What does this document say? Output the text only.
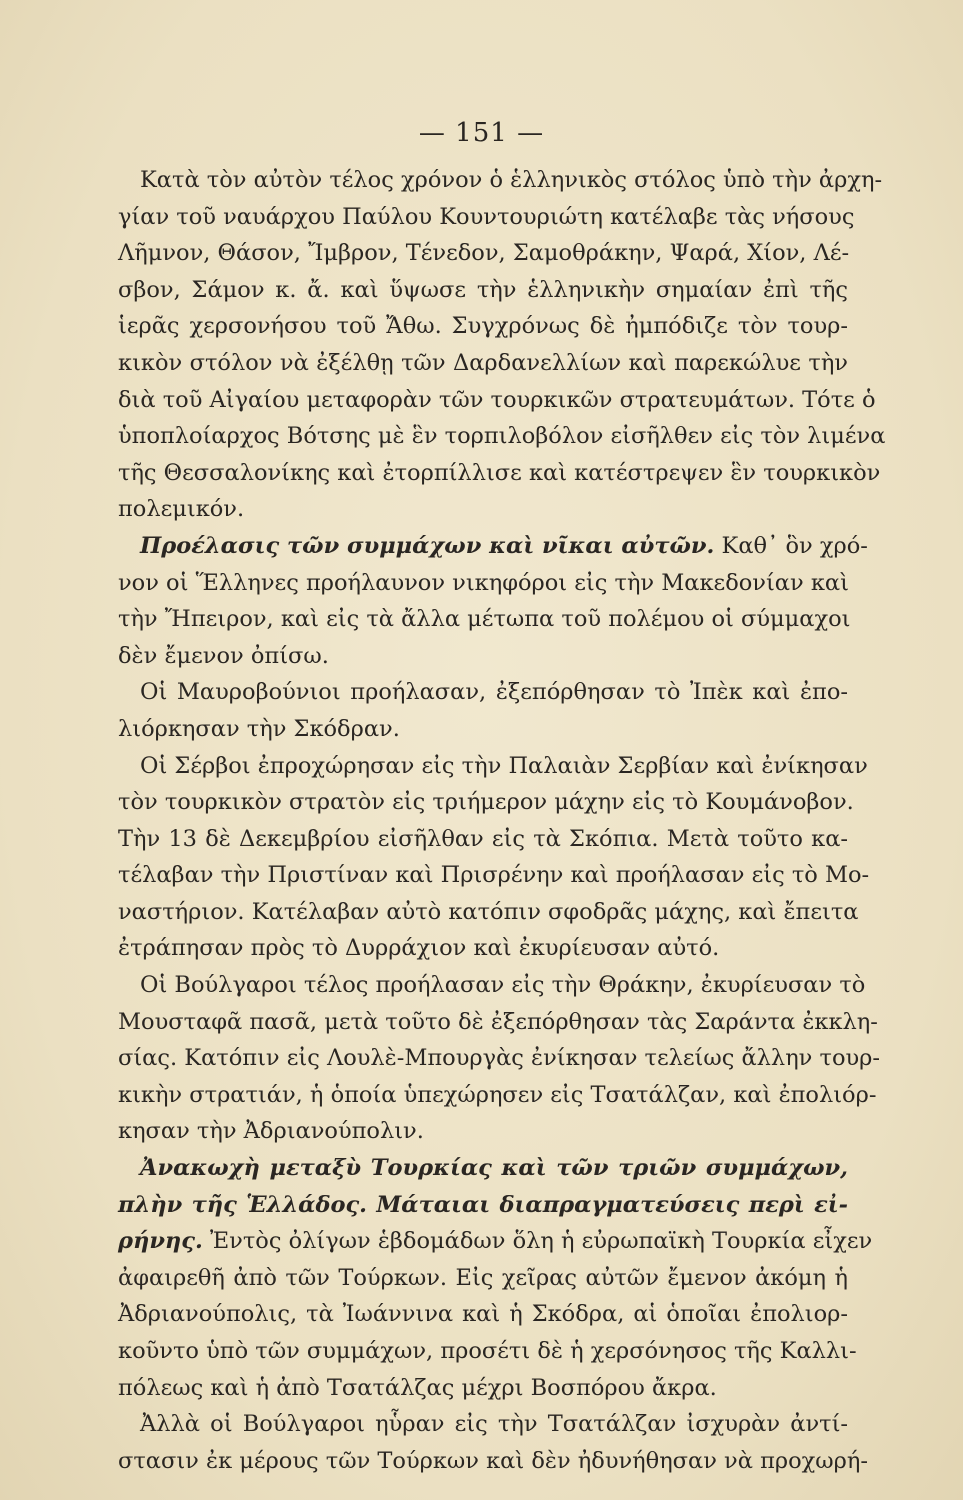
— 151 —
Κατὰ τὸν αὐτὸν τέλος χρόνον ὁ ἑλληνικὸς στόλος ὑπὸ τὴν ἀρχη-
γίαν τοῦ ναυάρχου Παύλου Κουντουριώτη κατέλαβε τὰς νήσους
Λῆμνον, Θάσον, Ἴμβρον, Τένεδον, Σαμοθράκην, Ψαρά, Χίον, Λέ-
σβον, Σάμον κ. ἄ. καὶ ὕψωσε τὴν ἑλληνικὴν σημαίαν ἐπὶ τῆς
ἱερᾶς χερσονήσου τοῦ Ἄθω. Συγχρόνως δὲ ἠμπόδιζε τὸν τουρ-
κικὸν στόλον νὰ ἐξέλθῃ τῶν Δαρδανελλίων καὶ παρεκώλυε τὴν
διὰ τοῦ Αἰγαίου μεταφορὰν τῶν τουρκικῶν στρατευμάτων. Τότε ὁ
ὑποπλοίαρχος Βότσης μὲ ἓν τορπιλοβόλον εἰσῆλθεν εἰς τὸν λιμένα
τῆς Θεσσαλονίκης καὶ ἐτορπίλλισε καὶ κατέστρεψεν ἓν τουρκικὸν
πολεμικόν.
Προέλασις τῶν συμμάχων καὶ νῖκαι αὐτῶν. Καθ᾽ ὃν χρό-
νον οἱ Ἕλληνες προήλαυνον νικηφόροι εἰς τὴν Μακεδονίαν καὶ
τὴν Ἤπειρον, καὶ εἰς τὰ ἄλλα μέτωπα τοῦ πολέμου οἱ σύμμαχοι
δὲν ἔμενον ὀπίσω.
Οἱ Μαυροβούνιοι προήλασαν, ἐξεπόρθησαν τὸ Ἰπὲκ καὶ ἐπο-
λιόρκησαν τὴν Σκόδραν.
Οἱ Σέρβοι ἐπροχώρησαν εἰς τὴν Παλαιὰν Σερβίαν καὶ ἐνίκησαν
τὸν τουρκικὸν στρατὸν εἰς τριήμερον μάχην εἰς τὸ Κουμάνοβον.
Τὴν 13 δὲ Δεκεμβρίου εἰσῆλθαν εἰς τὰ Σκόπια. Μετὰ τοῦτο κα-
τέλαβαν τὴν Πριστίναν καὶ Πρισρένην καὶ προήλασαν εἰς τὸ Μο-
ναστήριον. Κατέλαβαν αὐτὸ κατόπιν σφοδρᾶς μάχης, καὶ ἔπειτα
ἐτράπησαν πρὸς τὸ Δυρράχιον καὶ ἐκυρίευσαν αὐτό.
Οἱ Βούλγαροι τέλος προήλασαν εἰς τὴν Θράκην, ἐκυρίευσαν τὸ
Μουσταφᾶ πασᾶ, μετὰ τοῦτο δὲ ἐξεπόρθησαν τὰς Σαράντα ἐκκλη-
σίας. Κατόπιν εἰς Λουλὲ-Μπουργὰς ἐνίκησαν τελείως ἄλλην τουρ-
κικὴν στρατιάν, ἡ ὁποία ὑπεχώρησεν εἰς Τσατάλζαν, καὶ ἐπολιόρ-
κησαν τὴν Ἀδριανούπολιν.
Ἀνακωχὴ μεταξὺ Τουρκίας καὶ τῶν τριῶν συμμάχων,
πλὴν τῆς Ἑλλάδος. Μάταιαι διαπραγματεύσεις περὶ εἰ-
ρήνης. Ἐντὸς ὀλίγων ἑβδομάδων ὅλη ἡ εὐρωπαϊκὴ Τουρκία εἶχεν
ἀφαιρεθῆ ἀπὸ τῶν Τούρκων. Εἰς χεῖρας αὐτῶν ἔμενον ἀκόμη ἡ
Ἀδριανούπολις, τὰ Ἰωάννινα καὶ ἡ Σκόδρα, αἱ ὁποῖαι ἐπολιορ-
κοῦντο ὑπὸ τῶν συμμάχων, προσέτι δὲ ἡ χερσόνησος τῆς Καλλι-
πόλεως καὶ ἡ ἀπὸ Τσατάλζας μέχρι Βοσπόρου ἄκρα.
Ἀλλὰ οἱ Βούλγαροι ηὗραν εἰς τὴν Τσατάλζαν ἰσχυρὰν ἀντί-
στασιν ἐκ μέρους τῶν Τούρκων καὶ δὲν ἠδυνήθησαν νὰ προχωρή-
